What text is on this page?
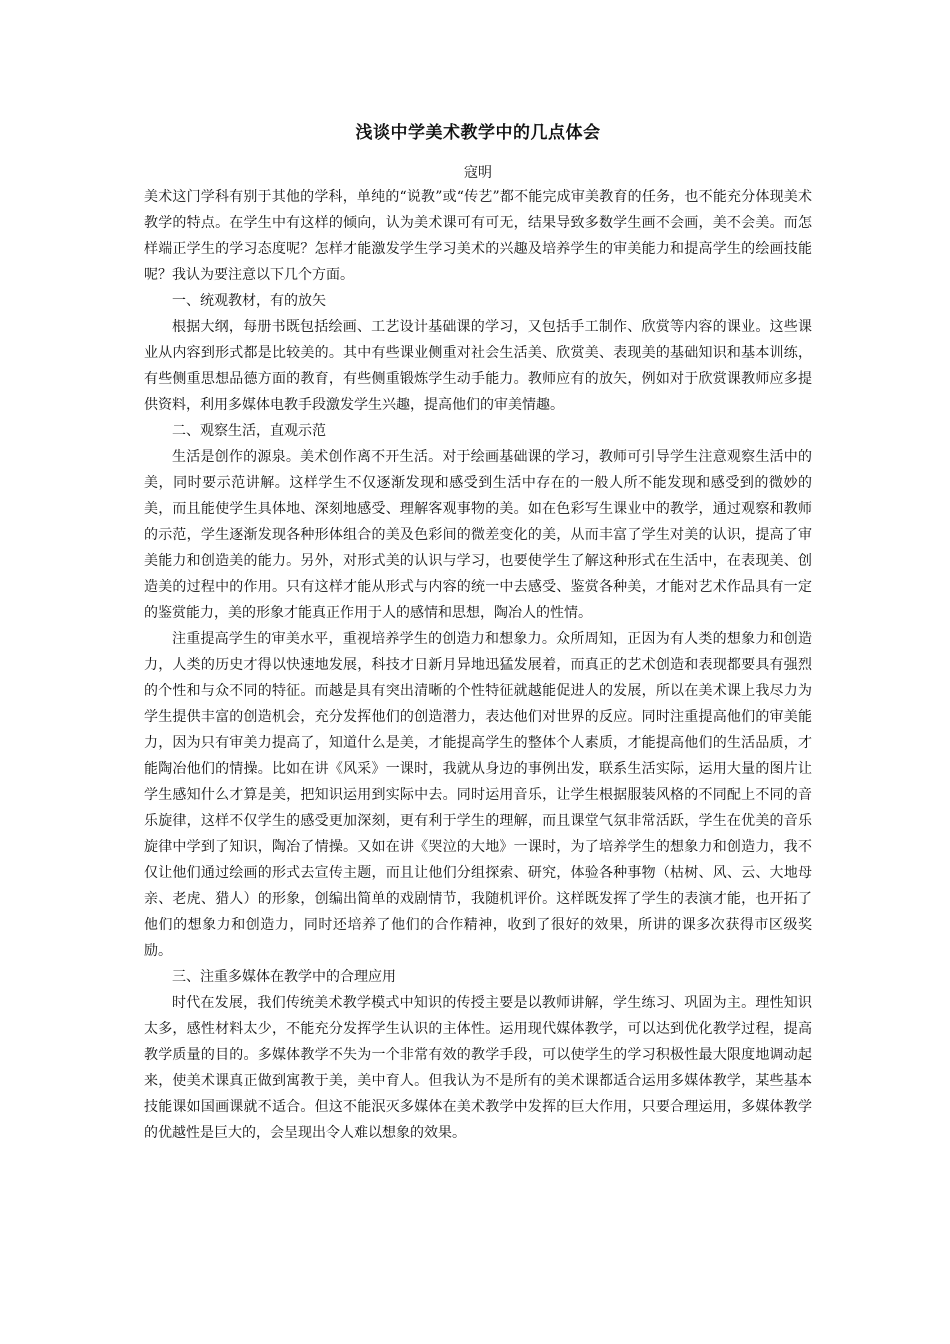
浅谈中学美术教学中的几点体会

寇明

美术这门学科有别于其他的学科，单纯的“说教”或“传艺”都不能完成审美教育的任务，也不能充分体现美术教学的特点。在学生中有这样的倾向，认为美术课可有可无，结果导致多数学生画不会画，美不会美。而怎样端正学生的学习态度呢？怎样才能激发学生学习美术的兴趣及培养学生的审美能力和提高学生的绘画技能呢？我认为要注意以下几个方面。

一、统观教材，有的放矢

根据大纲，每册书既包括绘画、工艺设计基础课的学习，又包括手工制作、欣赏等内容的课业。这些课业从内容到形式都是比较美的。其中有些课业侧重对社会生活美、欣赏美、表现美的基础知识和基本训练，有些侧重思想品德方面的教育，有些侧重锻炼学生动手能力。教师应有的放矢，例如对于欣赏课教师应多提供资料，利用多媒体电教手段激发学生兴趣，提高他们的审美情趣。

二、观察生活，直观示范

生活是创作的源泉。美术创作离不开生活。对于绘画基础课的学习，教师可引导学生注意观察生活中的美，同时要示范讲解。这样学生不仅逐渐发现和感受到生活中存在的一般人所不能发现和感受到的微妙的美，而且能使学生具体地、深刻地感受、理解客观事物的美。如在色彩写生课业中的教学，通过观察和教师的示范，学生逐渐发现各种形体组合的美及色彩间的微差变化的美，从而丰富了学生对美的认识，提高了审美能力和创造美的能力。另外，对形式美的认识与学习，也要使学生了解这种形式在生活中，在表现美、创造美的过程中的作用。只有这样才能从形式与内容的统一中去感受、鉴赏各种美，才能对艺术作品具有一定的鉴赏能力，美的形象才能真正作用于人的感情和思想，陶冶人的性情。

注重提高学生的审美水平，重视培养学生的创造力和想象力。众所周知，正因为有人类的想象力和创造力，人类的历史才得以快速地发展，科技才日新月异地迅猛发展着，而真正的艺术创造和表现都要具有强烈的个性和与众不同的特征。而越是具有突出清晰的个性特征就越能促进人的发展，所以在美术课上我尽力为学生提供丰富的创造机会，充分发挥他们的创造潜力，表达他们对世界的反应。同时注重提高他们的审美能力，因为只有审美力提高了，知道什么是美，才能提高学生的整体个人素质，才能提高他们的生活品质，才能陶冶他们的情操。比如在讲《风采》一课时，我就从身边的事例出发，联系生活实际，运用大量的图片让学生感知什么才算是美，把知识运用到实际中去。同时运用音乐，让学生根据服装风格的不同配上不同的音乐旋律，这样不仅学生的感受更加深刻，更有利于学生的理解，而且课堂气氛非常活跃，学生在优美的音乐旋律中学到了知识，陶冶了情操。又如在讲《哭泣的大地》一课时，为了培养学生的想象力和创造力，我不仅让他们通过绘画的形式去宣传主题，而且让他们分组探索、研究，体验各种事物（枯树、风、云、大地母亲、老虎、猎人）的形象，创编出简单的戏剧情节，我随机评价。这样既发挥了学生的表演才能，也开拓了他们的想象力和创造力，同时还培养了他们的合作精神，收到了很好的效果，所讲的课多次获得市区级奖励。

三、注重多媒体在教学中的合理应用

时代在发展，我们传统美术教学模式中知识的传授主要是以教师讲解，学生练习、巩固为主。理性知识太多，感性材料太少，不能充分发挥学生认识的主体性。运用现代媒体教学，可以达到优化教学过程，提高教学质量的目的。多媒体教学不失为一个非常有效的教学手段，可以使学生的学习积极性最大限度地调动起来，使美术课真正做到寓教于美，美中育人。但我认为不是所有的美术课都适合运用多媒体教学，某些基本技能课如国画课就不适合。但这不能泯灭多媒体在美术教学中发挥的巨大作用，只要合理运用，多媒体教学的优越性是巨大的，会呈现出令人难以想象的效果。
